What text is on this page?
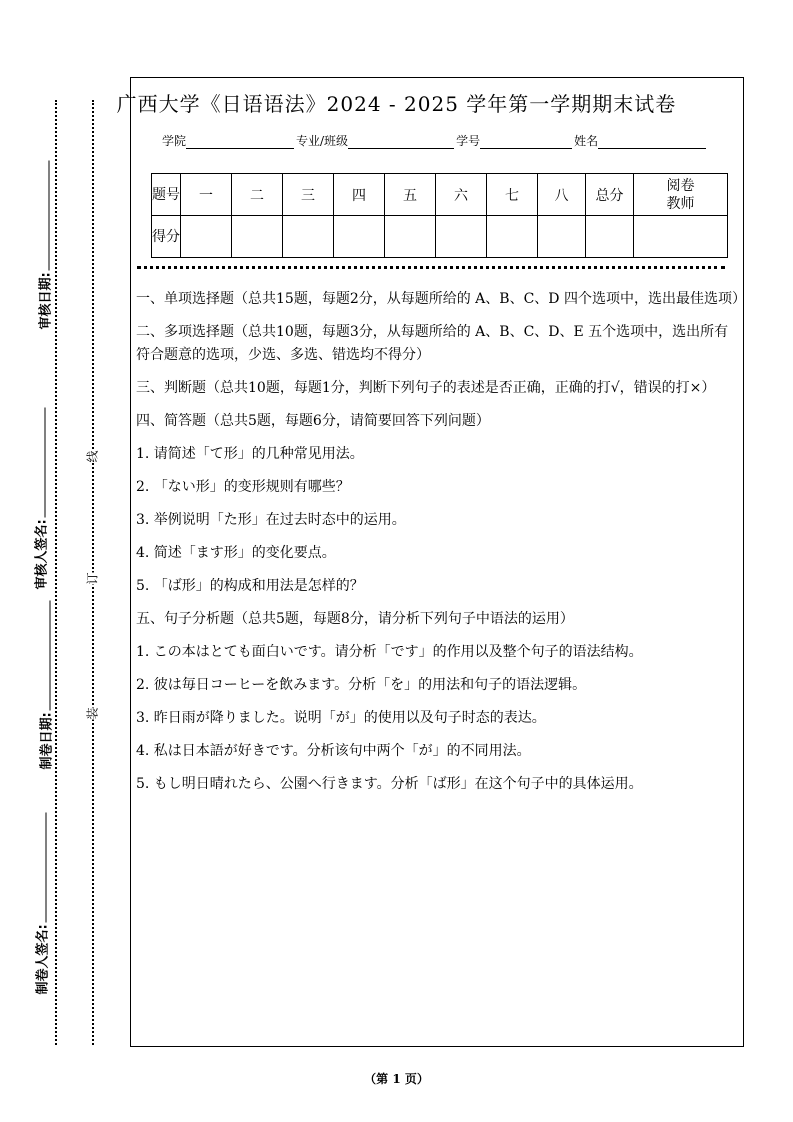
审核日期:
审核人签名:
制卷日期:
制卷人签名:
线
订
装
广西大学《日语语法》2024 - 2025 学年第一学期期末试卷
学院	专业/班级	学号	姓名
题号	一	二	三	四	五	六	七	八	总分	阅卷教师
得分										

一、单项选择题（总共15题，每题2分，从每题所给的 A、B、C、D 四个选项中，选出最佳选项）

二、多项选择题（总共10题，每题3分，从每题所给的 A、B、C、D、E 五个选项中，选出所有符合题意的选项，少选、多选、错选均不得分）

三、判断题（总共10题，每题1分，判断下列句子的表述是否正确，正确的打√，错误的打×）

四、简答题（总共5题，每题6分，请简要回答下列问题）

1. 请简述「て形」的几种常见用法。

2. 「ない形」的变形规则有哪些？

3. 举例说明「た形」在过去时态中的运用。

4. 简述「ます形」的变化要点。

5. 「ば形」的构成和用法是怎样的？

五、句子分析题（总共5题，每题8分，请分析下列句子中语法的运用）

1. この本はとても面白いです。请分析「です」的作用以及整个句子的语法结构。

2. 彼は毎日コーヒーを飲みます。分析「を」的用法和句子的语法逻辑。

3. 昨日雨が降りました。说明「が」的使用以及句子时态的表达。

4. 私は日本語が好きです。分析该句中两个「が」的不同用法。

5. もし明日晴れたら、公園へ行きます。分析「ば形」在这个句子中的具体运用。

（第 1 页）
